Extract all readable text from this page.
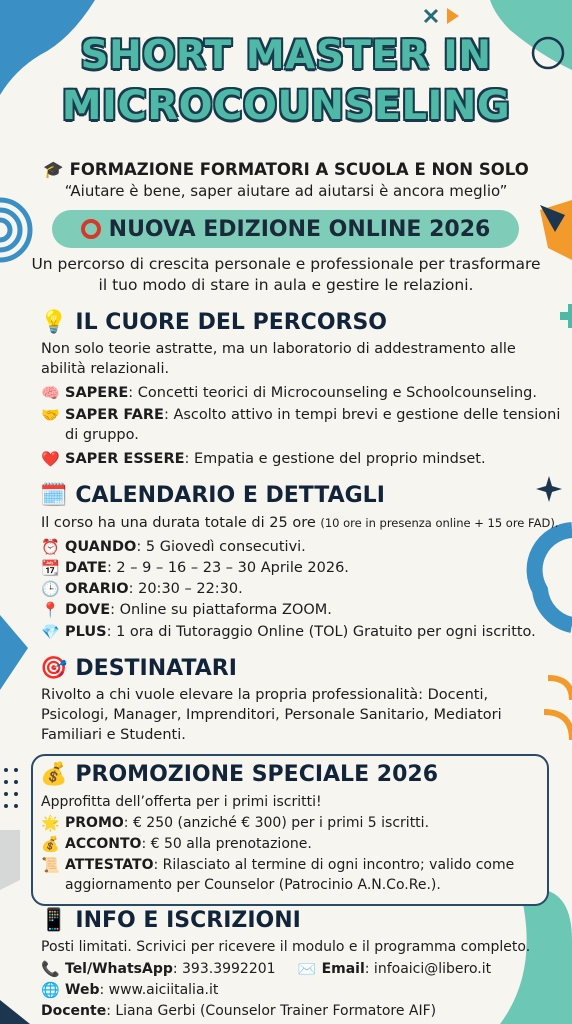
SHORT MASTER IN
MICROCOUNSELING
🎓 FORMAZIONE FORMATORI A SCUOLA E NON SOLO
“Aiutare è bene, saper aiutare ad aiutarsi è ancora meglio”
NUOVA EDIZIONE ONLINE 2026
Un percorso di crescita personale e professionale per trasformare il tuo modo di stare in aula e gestire le relazioni.
💡 IL CUORE DEL PERCORSO
Non solo teorie astratte, ma un laboratorio di addestramento alle abilità relazionali.
🧠 SAPERE: Concetti teorici di Microcounseling e Schoolcounseling.
🤝 SAPER FARE: Ascolto attivo in tempi brevi e gestione delle tensioni di gruppo.
❤️ SAPER ESSERE: Empatia e gestione del proprio mindset.
🗓️ CALENDARIO E DETTAGLI
Il corso ha una durata totale di 25 ore (10 ore in presenza online + 15 ore FAD).
⏰ QUANDO: 5 Giovedì consecutivi.
📆 DATE: 2 – 9 – 16 – 23 – 30 Aprile 2026.
🕒 ORARIO: 20:30 – 22:30.
📍 DOVE: Online su piattaforma ZOOM.
💎 PLUS: 1 ora di Tutoraggio Online (TOL) Gratuito per ogni iscritto.
🎯 DESTINATARI
Rivolto a chi vuole elevare la propria professionalità: Docenti, Psicologi, Manager, Imprenditori, Personale Sanitario, Mediatori Familiari e Studenti.
💰 PROMOZIONE SPECIALE 2026
Approfitta dell’offerta per i primi iscritti!
🌟 PROMO: € 250 (anziché € 300) per i primi 5 iscritti.
💰 ACCONTO: € 50 alla prenotazione.
📜 ATTESTATO: Rilasciato al termine di ogni incontro; valido come aggiornamento per Counselor (Patrocinio A.N.Co.Re.).
📱 INFO E ISCRIZIONI
Posti limitati. Scrivici per ricevere il modulo e il programma completo.
📞 Tel/WhatsApp: 393.3992201 ✉️ Email: infoaici@libero.it
🌐 Web: www.aiciitalia.it
Docente: Liana Gerbi (Counselor Trainer Formatore AIF)
